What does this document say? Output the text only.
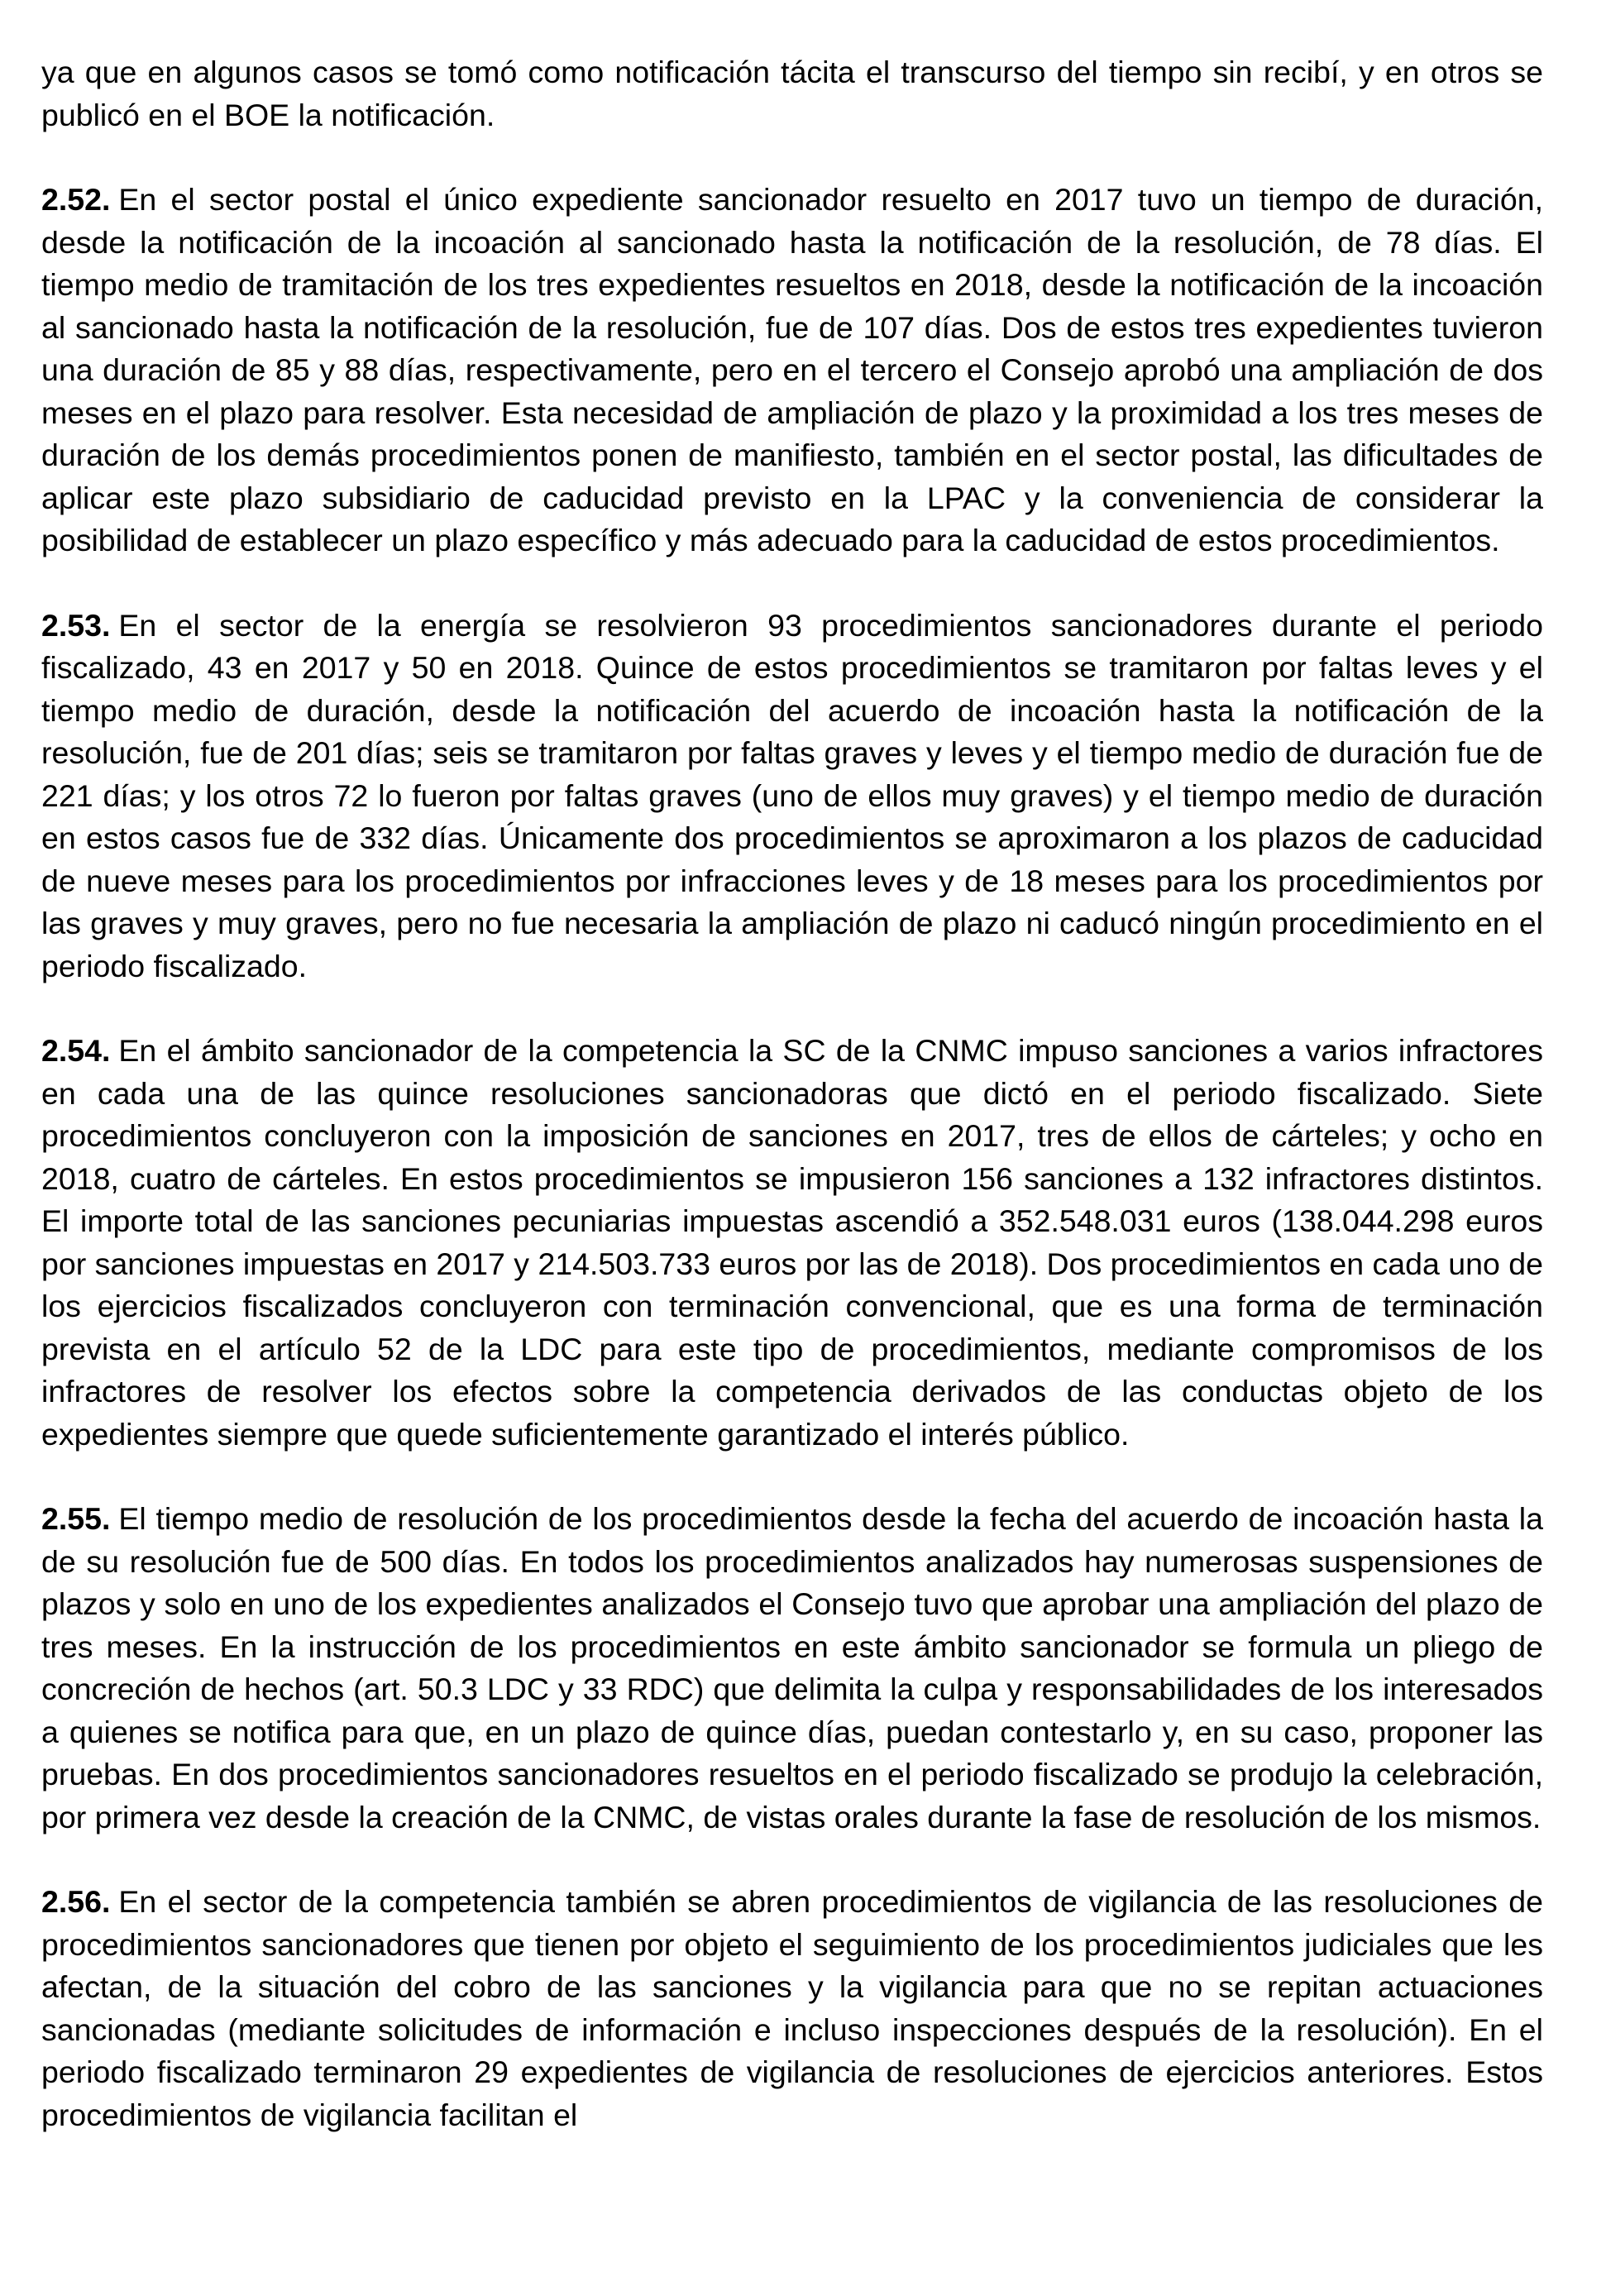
ya que en algunos casos se tomó como notificación tácita el transcurso del tiempo sin recibí, y en otros se publicó en el BOE la notificación.

2.52. En el sector postal el único expediente sancionador resuelto en 2017 tuvo un tiempo de duración, desde la notificación de la incoación al sancionado hasta la notificación de la resolución, de 78 días. El tiempo medio de tramitación de los tres expedientes resueltos en 2018, desde la notificación de la incoación al sancionado hasta la notificación de la resolución, fue de 107 días. Dos de estos tres expedientes tuvieron una duración de 85 y 88 días, respectivamente, pero en el tercero el Consejo aprobó una ampliación de dos meses en el plazo para resolver. Esta necesidad de ampliación de plazo y la proximidad a los tres meses de duración de los demás procedimientos ponen de manifiesto, también en el sector postal, las dificultades de aplicar este plazo subsidiario de caducidad previsto en la LPAC y la conveniencia de considerar la posibilidad de establecer un plazo específico y más adecuado para la caducidad de estos procedimientos.

2.53. En el sector de la energía se resolvieron 93 procedimientos sancionadores durante el periodo fiscalizado, 43 en 2017 y 50 en 2018. Quince de estos procedimientos se tramitaron por faltas leves y el tiempo medio de duración, desde la notificación del acuerdo de incoación hasta la notificación de la resolución, fue de 201 días; seis se tramitaron por faltas graves y leves y el tiempo medio de duración fue de 221 días; y los otros 72 lo fueron por faltas graves (uno de ellos muy graves) y el tiempo medio de duración en estos casos fue de 332 días. Únicamente dos procedimientos se aproximaron a los plazos de caducidad de nueve meses para los procedimientos por infracciones leves y de 18 meses para los procedimientos por las graves y muy graves, pero no fue necesaria la ampliación de plazo ni caducó ningún procedimiento en el periodo fiscalizado.

2.54. En el ámbito sancionador de la competencia la SC de la CNMC impuso sanciones a varios infractores en cada una de las quince resoluciones sancionadoras que dictó en el periodo fiscalizado. Siete procedimientos concluyeron con la imposición de sanciones en 2017, tres de ellos de cárteles; y ocho en 2018, cuatro de cárteles. En estos procedimientos se impusieron 156 sanciones a 132 infractores distintos. El importe total de las sanciones pecuniarias impuestas ascendió a 352.548.031 euros (138.044.298 euros por sanciones impuestas en 2017 y 214.503.733 euros por las de 2018). Dos procedimientos en cada uno de los ejercicios fiscalizados concluyeron con terminación convencional, que es una forma de terminación prevista en el artículo 52 de la LDC para este tipo de procedimientos, mediante compromisos de los infractores de resolver los efectos sobre la competencia derivados de las conductas objeto de los expedientes siempre que quede suficientemente garantizado el interés público.

2.55. El tiempo medio de resolución de los procedimientos desde la fecha del acuerdo de incoación hasta la de su resolución fue de 500 días. En todos los procedimientos analizados hay numerosas suspensiones de plazos y solo en uno de los expedientes analizados el Consejo tuvo que aprobar una ampliación del plazo de tres meses. En la instrucción de los procedimientos en este ámbito sancionador se formula un pliego de concreción de hechos (art. 50.3 LDC y 33 RDC) que delimita la culpa y responsabilidades de los interesados a quienes se notifica para que, en un plazo de quince días, puedan contestarlo y, en su caso, proponer las pruebas. En dos procedimientos sancionadores resueltos en el periodo fiscalizado se produjo la celebración, por primera vez desde la creación de la CNMC, de vistas orales durante la fase de resolución de los mismos.

2.56. En el sector de la competencia también se abren procedimientos de vigilancia de las resoluciones de procedimientos sancionadores que tienen por objeto el seguimiento de los procedimientos judiciales que les afectan, de la situación del cobro de las sanciones y la vigilancia para que no se repitan actuaciones sancionadas (mediante solicitudes de información e incluso inspecciones después de la resolución). En el periodo fiscalizado terminaron 29 expedientes de vigilancia de resoluciones de ejercicios anteriores. Estos procedimientos de vigilancia facilitan el
